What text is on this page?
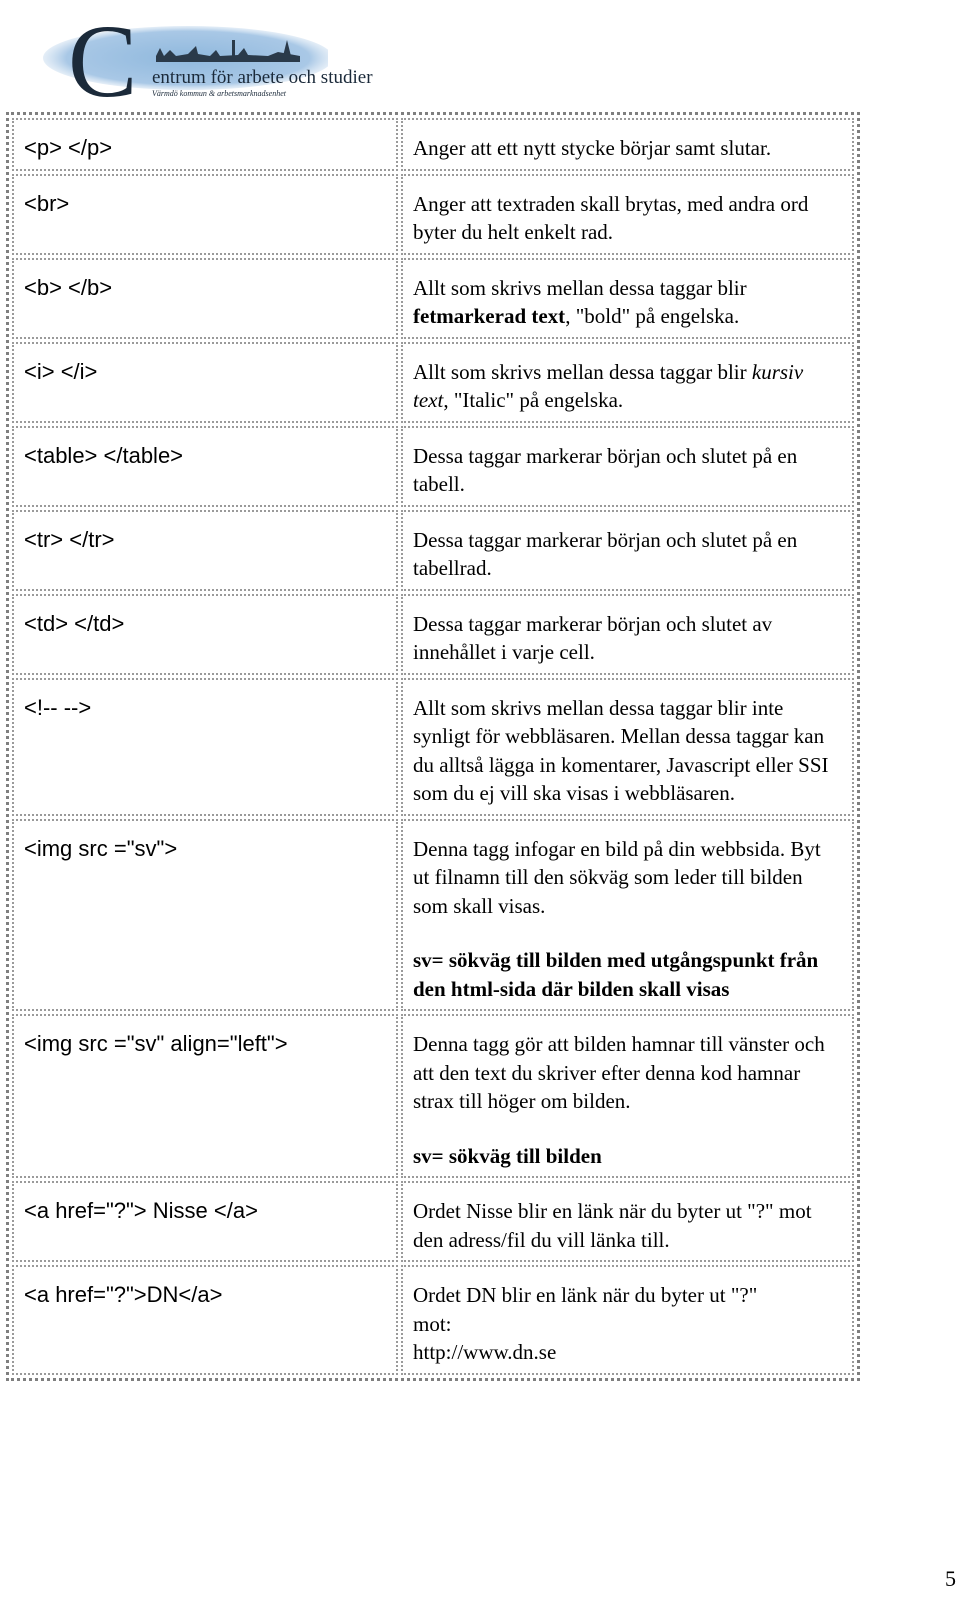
C entrum för arbete och studier
Värmdö kommun & arbetsmarknadsenhet
<p> </p>	Anger att ett nytt stycke börjar samt slutar.
<br>	Anger att textraden skall brytas, med andra ord byter du helt enkelt rad.
<b> </b>	Allt som skrivs mellan dessa taggar blir fetmarkerad text, "bold" på engelska.
<i> </i>	Allt som skrivs mellan dessa taggar blir kursiv text, "Italic" på engelska.
<table> </table>	Dessa taggar markerar början och slutet på en tabell.
<tr> </tr>	Dessa taggar markerar början och slutet på en tabellrad.
<td> </td>	Dessa taggar markerar början och slutet av innehållet i varje cell.
<!-- -->	Allt som skrivs mellan dessa taggar blir inte synligt för webbläsaren. Mellan dessa taggar kan du alltså lägga in komentarer, Javascript eller SSI som du ej vill ska visas i webbläsaren.
<img src ="sv">	Denna tagg infogar en bild på din webbsida. Byt ut filnamn till den sökväg som leder till bilden som skall visas.
sv= sökväg till bilden med utgångspunkt från den html-sida där bilden skall visas

<img src ="sv" align="left">	Denna tagg gör att bilden hamnar till vänster och att den text du skriver efter denna kod hamnar strax till höger om bilden.
sv= sökväg till bilden

<a href="?"> Nisse </a>	Ordet Nisse blir en länk när du byter ut "?" mot den adress/fil du vill länka till.
<a href="?">DN</a>	Ordet DN blir en länk när du byter ut "?"
mot:
http://www.dn.se
5
